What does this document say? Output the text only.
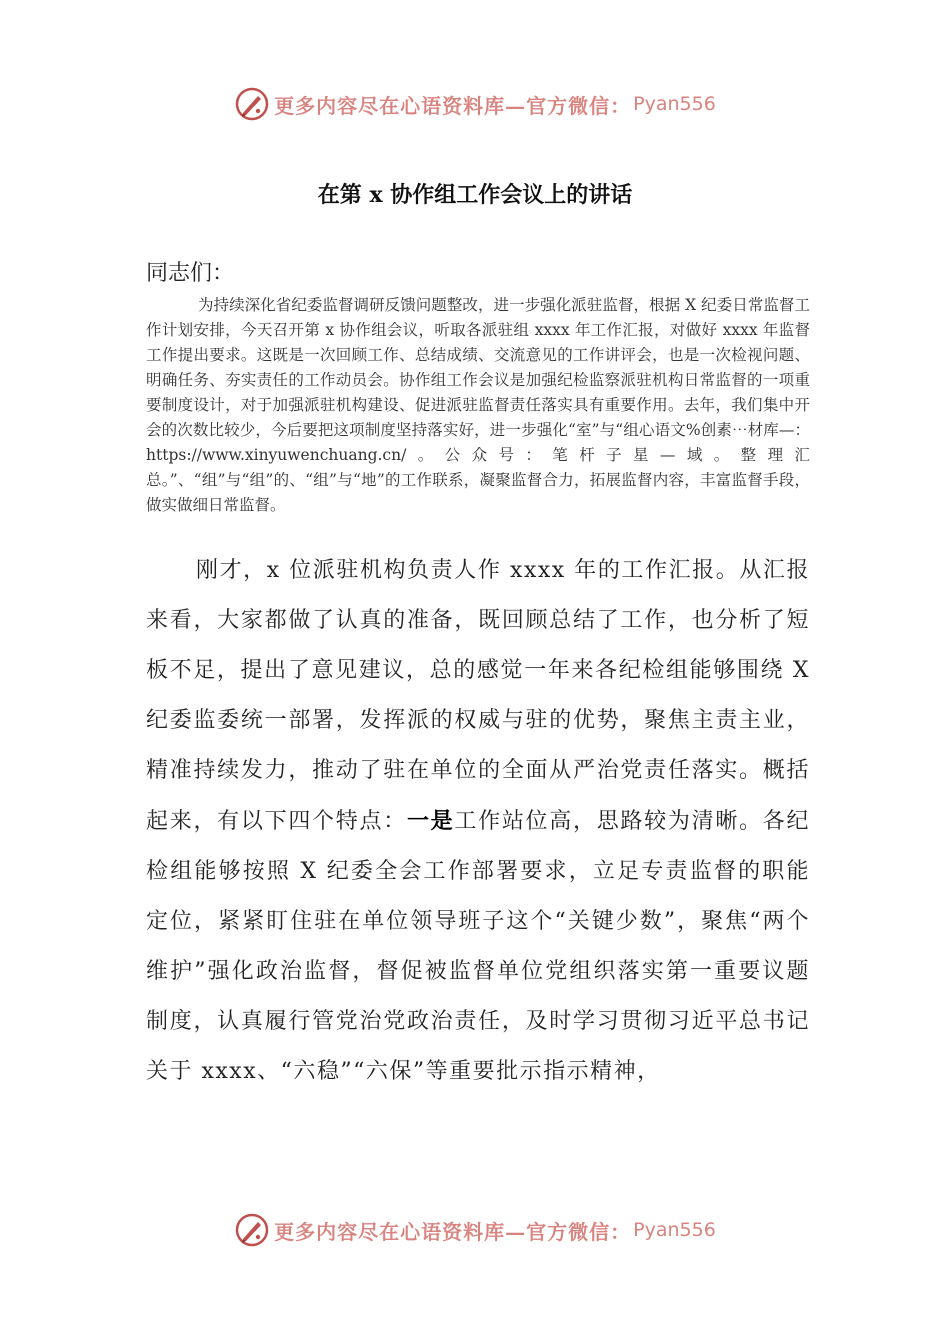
更多内容尽在心语资料库—官方微信： Pyan556
在第 x 协作组工作会议上的讲话
同志们：

为持续深化省纪委监督调研反馈问题整改，进一步强化派驻监督，根据 X 纪委日常监督工作计划安排，今天召开第 x 协作组会议，听取各派驻组 xxxx 年工作汇报，对做好 xxxx 年监督工作提出要求。这既是一次回顾工作、总结成绩、交流意见的工作讲评会，也是一次检视问题、明确任务、夯实责任的工作动员会。协作组工作会议是加强纪检监察派驻机构日常监督的一项重要制度设计，对于加强派驻机构建设、促进派驻监督责任落实具有重要作用。去年，我们集中开会的次数比较少，今后要把这项制度坚持落实好，进一步强化“室”与“组心语文%创素⋯材库—：https://www.xinyuwenchuang.cn/。公众号：笔杆子星—域。整理汇总。”、“组”与“组”的、“组”与“地”的工作联系，凝聚监督合力，拓展监督内容，丰富监督手段，做实做细日常监督。

刚才，x 位派驻机构负责人作 xxxx 年的工作汇报。从汇报来看，大家都做了认真的准备，既回顾总结了工作，也分析了短板不足，提出了意见建议，总的感觉一年来各纪检组能够围绕 X 纪委监委统一部署，发挥派的权威与驻的优势，聚焦主责主业，精准持续发力，推动了驻在单位的全面从严治党责任落实。概括起来，有以下四个特点：一是工作站位高，思路较为清晰。各纪检组能够按照 X 纪委全会工作部署要求，立足专责监督的职能定位，紧紧盯住驻在单位领导班子这个“关键少数”，聚焦“两个维护”强化政治监督，督促被监督单位党组织落实第一重要议题制度，认真履行管党治党政治责任，及时学习贯彻习近平总书记关于 xxxx、“六稳”“六保”等重要批示指示精神，

更多内容尽在心语资料库—官方微信： Pyan556
